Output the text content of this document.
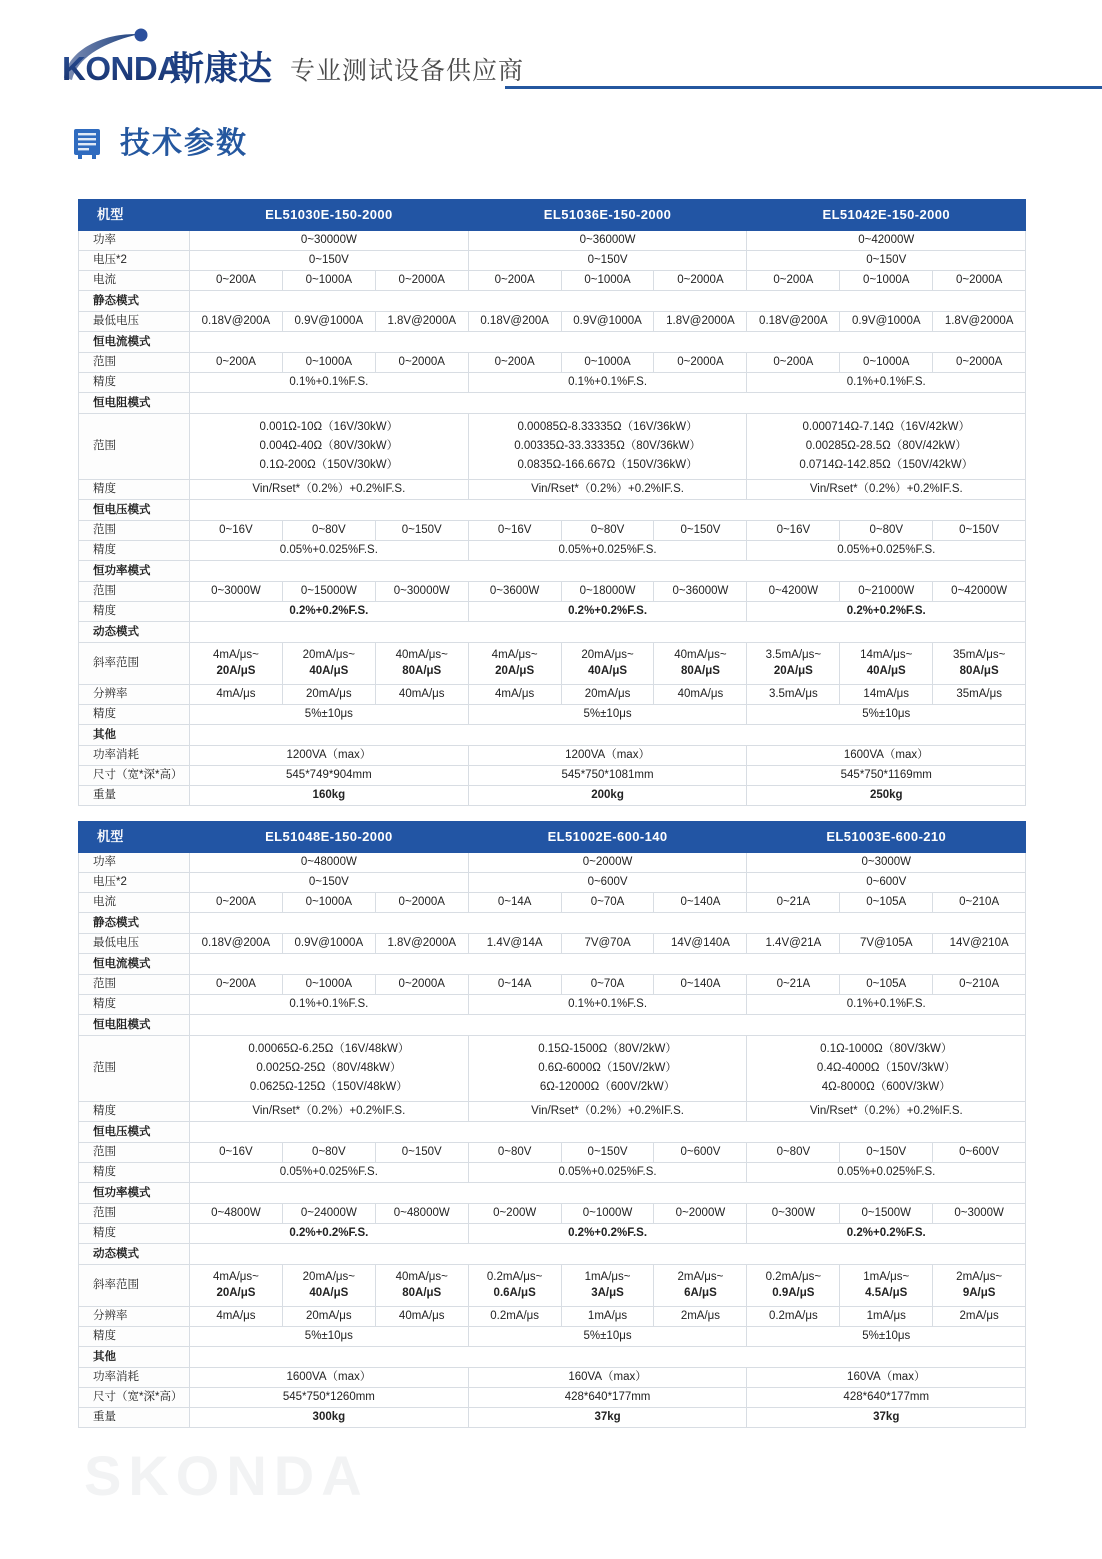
KONDA
斯康达 专业测试设备供应商
技术参数
机型	EL51030E-150-2000			EL51036E-150-2000			EL51042E-150-2000		
功率	0~30000W			0~36000W			0~42000W		
电压*2	0~150V			0~150V			0~150V		
电流	0~200A	0~1000A	0~2000A	0~200A	0~1000A	0~2000A	0~200A	0~1000A	0~2000A
静态模式									
最低电压	0.18V@200A	0.9V@1000A	1.8V@2000A	0.18V@200A	0.9V@1000A	1.8V@2000A	0.18V@200A	0.9V@1000A	1.8V@2000A
恒电流模式									
范围	0~200A	0~1000A	0~2000A	0~200A	0~1000A	0~2000A	0~200A	0~1000A	0~2000A
精度	0.1%+0.1%F.S.			0.1%+0.1%F.S.			0.1%+0.1%F.S.		
恒电阻模式									
范围	0.001Ω-10Ω（16V/30kW）
0.004Ω-40Ω（80V/30kW）
0.1Ω-200Ω（150V/30kW）			0.00085Ω-8.33335Ω（16V/36kW）
0.00335Ω-33.33335Ω（80V/36kW）
0.0835Ω-166.667Ω（150V/36kW）			0.000714Ω-7.14Ω（16V/42kW）
0.00285Ω-28.5Ω（80V/42kW）
0.0714Ω-142.85Ω（150V/42kW）		

精度	Vin/Rset*（0.2%）+0.2%IF.S.			Vin/Rset*（0.2%）+0.2%IF.S.			Vin/Rset*（0.2%）+0.2%IF.S.		
恒电压模式									
范围	0~16V	0~80V	0~150V	0~16V	0~80V	0~150V	0~16V	0~80V	0~150V
精度	0.05%+0.025%F.S.			0.05%+0.025%F.S.			0.05%+0.025%F.S.		
恒功率模式									
范围	0~3000W	0~15000W	0~30000W	0~3600W	0~18000W	0~36000W	0~4200W	0~21000W	0~42000W
精度	0.2%+0.2%F.S.			0.2%+0.2%F.S.			0.2%+0.2%F.S.		
动态模式									
斜率范围	4mA/μs~
20A/μS	20mA/μs~
40A/μS	40mA/μs~
80A/μS	4mA/μs~
20A/μS	20mA/μs~
40A/μS	40mA/μs~
80A/μS	3.5mA/μs~
20A/μS	14mA/μs~
40A/μS	35mA/μs~
80A/μS

分辨率	4mA/μs	20mA/μs	40mA/μs	4mA/μs	20mA/μs	40mA/μs	3.5mA/μs	14mA/μs	35mA/μs
精度	5%±10μs			5%±10μs			5%±10μs		
其他									
功率消耗	1200VA（max）			1200VA（max）			1600VA（max）		
尺寸（宽*深*高）	545*749*904mm			545*750*1081mm			545*750*1169mm		
重量	160kg			200kg			250kg		
机型	EL51048E-150-2000			EL51002E-600-140			EL51003E-600-210		
功率	0~48000W			0~2000W			0~3000W		
电压*2	0~150V			0~600V			0~600V		
电流	0~200A	0~1000A	0~2000A	0~14A	0~70A	0~140A	0~21A	0~105A	0~210A
静态模式									
最低电压	0.18V@200A	0.9V@1000A	1.8V@2000A	1.4V@14A	7V@70A	14V@140A	1.4V@21A	7V@105A	14V@210A
恒电流模式									
范围	0~200A	0~1000A	0~2000A	0~14A	0~70A	0~140A	0~21A	0~105A	0~210A
精度	0.1%+0.1%F.S.			0.1%+0.1%F.S.			0.1%+0.1%F.S.		
恒电阻模式									
范围	0.00065Ω-6.25Ω（16V/48kW）
0.0025Ω-25Ω（80V/48kW）
0.0625Ω-125Ω（150V/48kW）			0.15Ω-1500Ω（80V/2kW）
0.6Ω-6000Ω（150V/2kW）
6Ω-12000Ω（600V/2kW）			0.1Ω-1000Ω（80V/3kW）
0.4Ω-4000Ω（150V/3kW）
4Ω-8000Ω（600V/3kW）		

精度	Vin/Rset*（0.2%）+0.2%IF.S.			Vin/Rset*（0.2%）+0.2%IF.S.			Vin/Rset*（0.2%）+0.2%IF.S.		
恒电压模式									
范围	0~16V	0~80V	0~150V	0~80V	0~150V	0~600V	0~80V	0~150V	0~600V
精度	0.05%+0.025%F.S.			0.05%+0.025%F.S.			0.05%+0.025%F.S.		
恒功率模式									
范围	0~4800W	0~24000W	0~48000W	0~200W	0~1000W	0~2000W	0~300W	0~1500W	0~3000W
精度	0.2%+0.2%F.S.			0.2%+0.2%F.S.			0.2%+0.2%F.S.		
动态模式									
斜率范围	4mA/μs~
20A/μS	20mA/μs~
40A/μS	40mA/μs~
80A/μS	0.2mA/μs~
0.6A/μS	1mA/μs~
3A/μS	2mA/μs~
6A/μS	0.2mA/μs~
0.9A/μS	1mA/μs~
4.5A/μS	2mA/μs~
9A/μS

分辨率	4mA/μs	20mA/μs	40mA/μs	0.2mA/μs	1mA/μs	2mA/μs	0.2mA/μs	1mA/μs	2mA/μs
精度	5%±10μs			5%±10μs			5%±10μs		
其他									
功率消耗	1600VA（max）			160VA（max）			160VA（max）		
尺寸（宽*深*高）	545*750*1260mm			428*640*177mm			428*640*177mm		
重量	300kg			37kg			37kg		
SKONDA
